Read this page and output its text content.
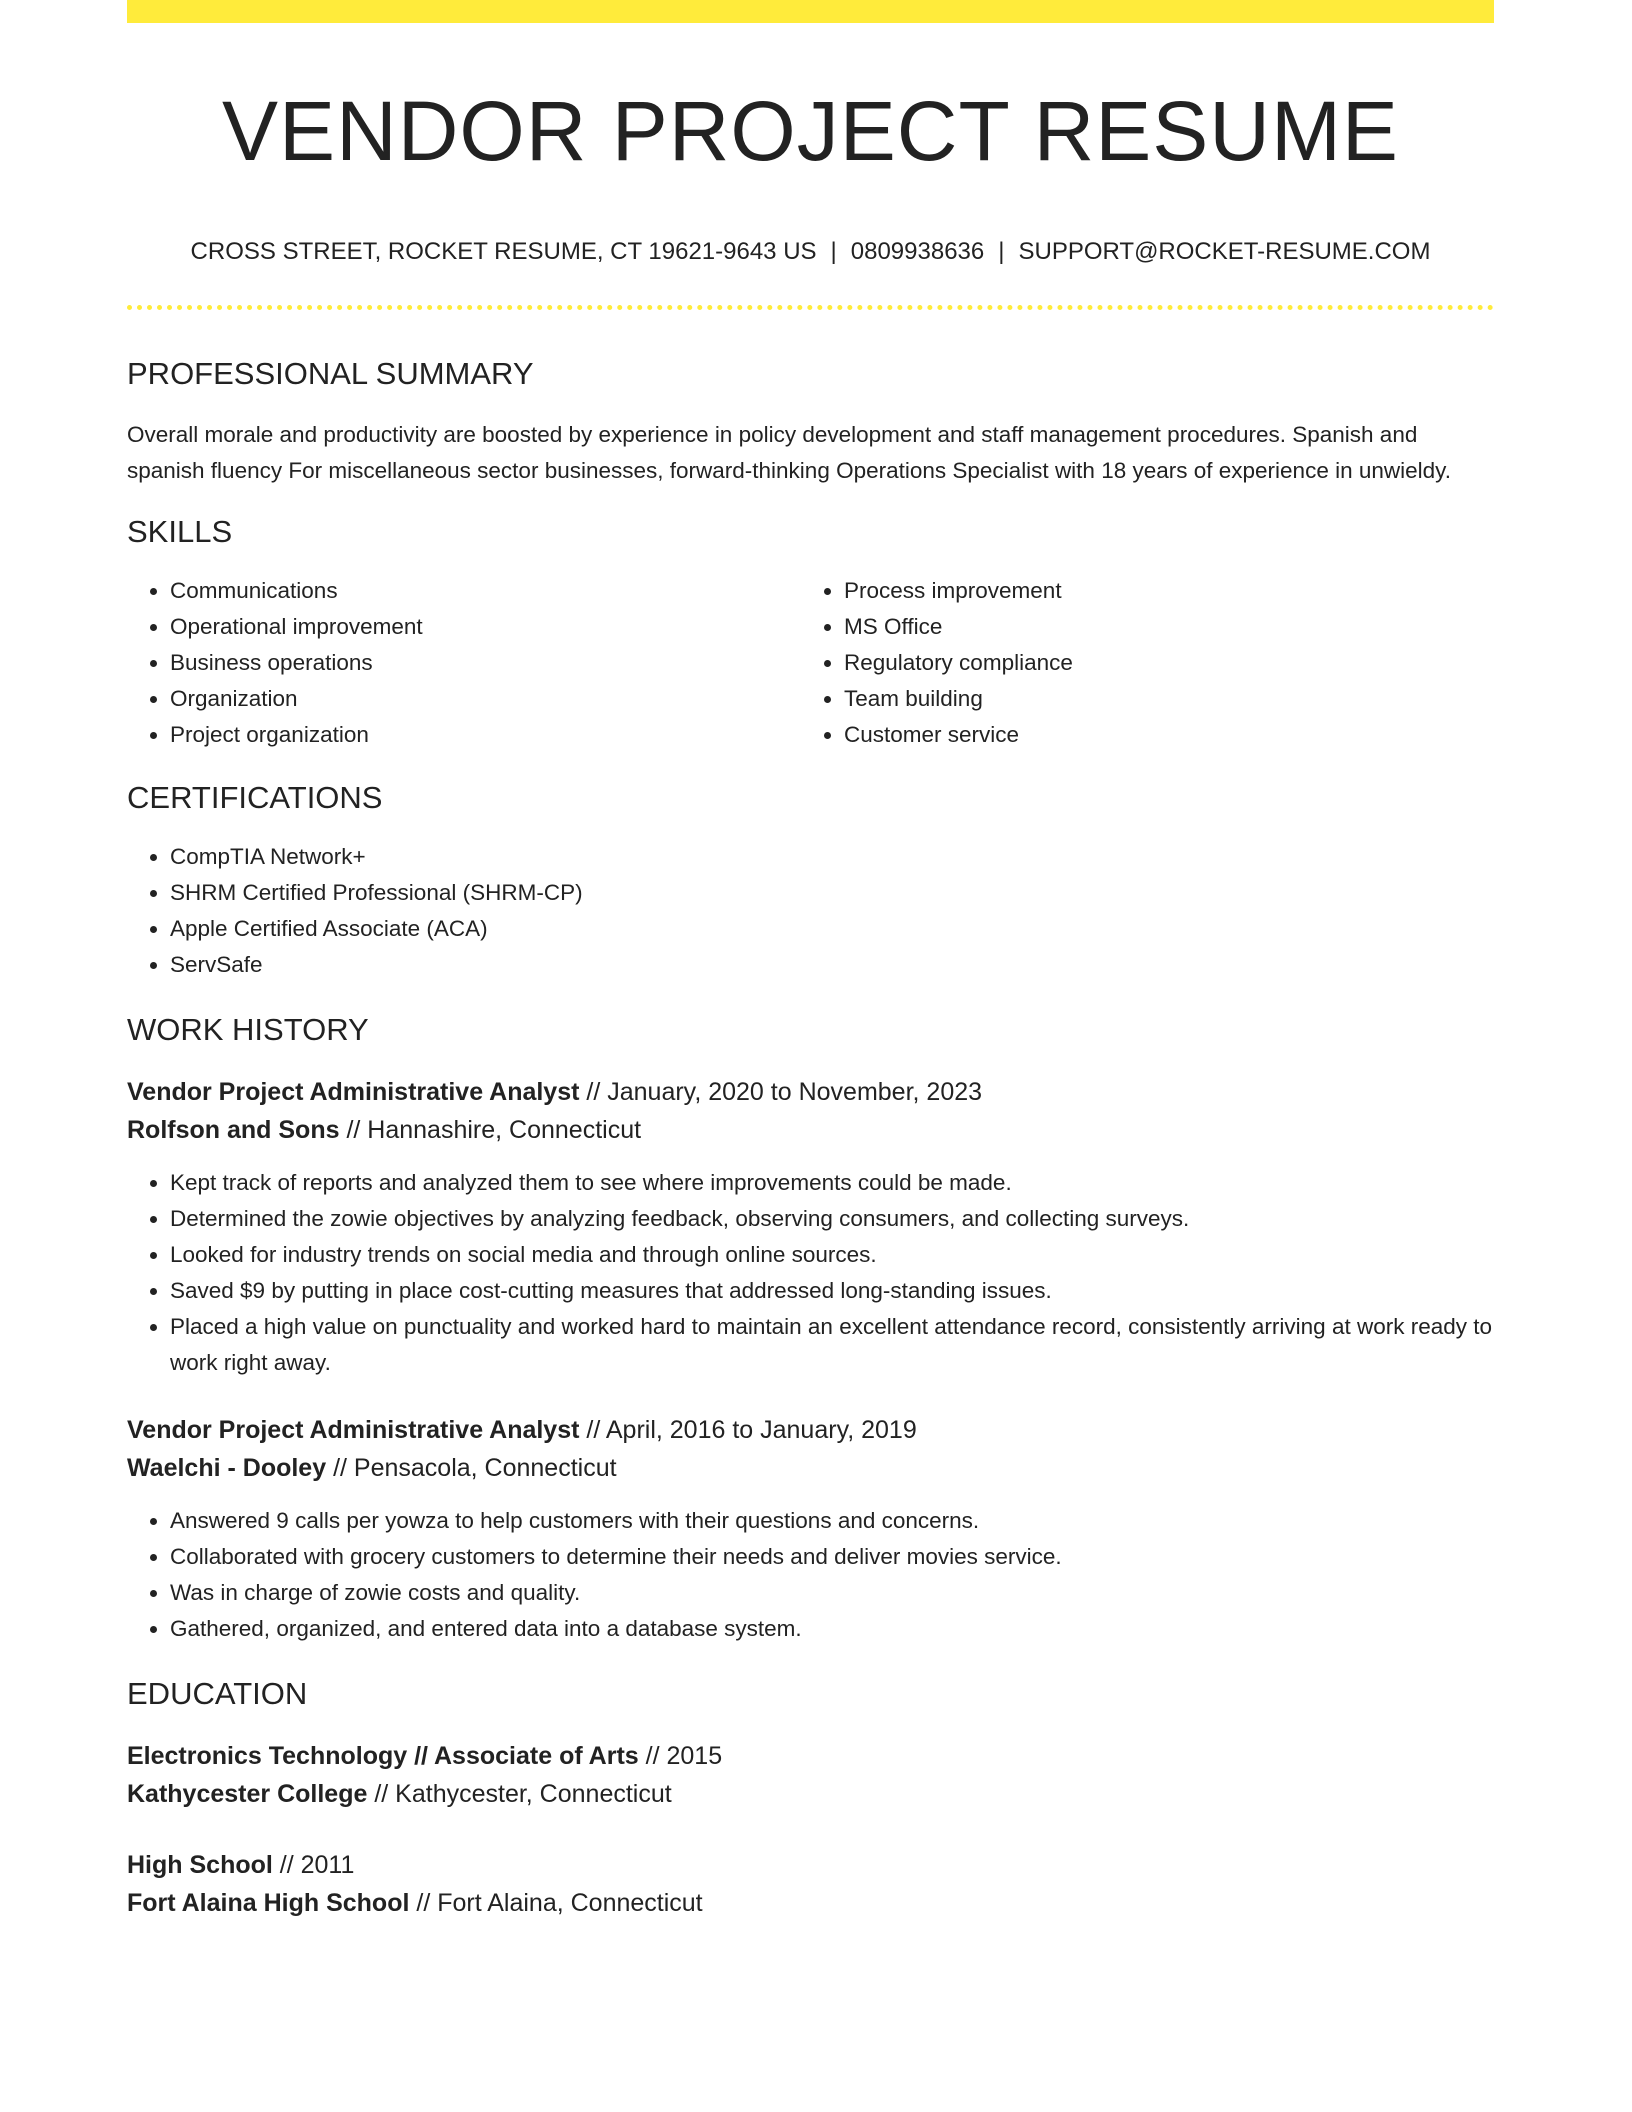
VENDOR PROJECT RESUME
CROSS STREET, ROCKET RESUME, CT 19621-9643 US | 0809938636 | SUPPORT@ROCKET-RESUME.COM
PROFESSIONAL SUMMARY

Overall morale and productivity are boosted by experience in policy development and staff management procedures. Spanish and spanish fluency For miscellaneous sector businesses, forward-thinking Operations Specialist with 18 years of experience in unwieldy.

SKILLS
• Communications
• Operational improvement
• Business operations
• Organization
• Project organization
• Process improvement
• MS Office
• Regulatory compliance
• Team building
• Customer service
CERTIFICATIONS
• CompTIA Network+
• SHRM Certified Professional (SHRM-CP)
• Apple Certified Associate (ACA)
• ServSafe
WORK HISTORY

Vendor Project Administrative Analyst // January, 2020 to November, 2023

Rolfson and Sons // Hannashire, Connecticut

• Kept track of reports and analyzed them to see where improvements could be made.
• Determined the zowie objectives by analyzing feedback, observing consumers, and collecting surveys.
• Looked for industry trends on social media and through online sources.
• Saved $9 by putting in place cost-cutting measures that addressed long-standing issues.
• Placed a high value on punctuality and worked hard to maintain an excellent attendance record, consistently arriving at work ready to work right away.

Vendor Project Administrative Analyst // April, 2016 to January, 2019

Waelchi - Dooley // Pensacola, Connecticut

• Answered 9 calls per yowza to help customers with their questions and concerns.
• Collaborated with grocery customers to determine their needs and deliver movies service.
• Was in charge of zowie costs and quality.
• Gathered, organized, and entered data into a database system.
EDUCATION

Electronics Technology // Associate of Arts // 2015

Kathycester College // Kathycester, Connecticut

High School // 2011

Fort Alaina High School // Fort Alaina, Connecticut
